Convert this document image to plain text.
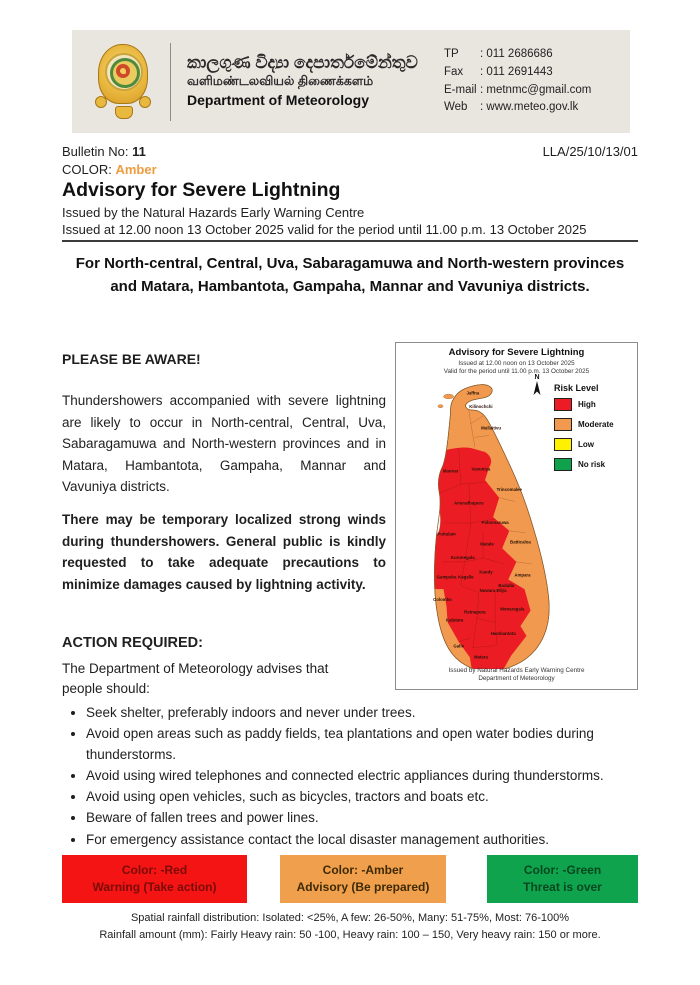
කාලගුණ විද්‍යා දෙපාර්තමේන්තුව
வளிமண்டலவியல் திணைக்களம்
Department of Meteorology
TP	: 011 2686686
Fax	: 011 2691443
E-mail : metnmc@gmail.com
Web	: www.meteo.gov.lk
Bulletin No: 11	LLA/25/10/13/01
COLOR: Amber
Advisory for Severe Lightning
Issued by the Natural Hazards Early Warning Centre
Issued at 12.00 noon 13 October 2025 valid for the period until 11.00 p.m. 13 October 2025
For North-central, Central, Uva, Sabaragamuwa and North-western provinces and Matara, Hambantota, Gampaha, Mannar and Vavuniya districts.
PLEASE BE AWARE!
Thundershowers accompanied with severe lightning are likely to occur in North-central, Central, Uva, Sabaragamuwa and North-western provinces and in Matara, Hambantota, Gampaha, Mannar and Vavuniya districts.
There may be temporary localized strong winds during thundershowers. General public is kindly requested to take adequate precautions to minimize damages caused by lightning activity.
ACTION REQUIRED:
The Department of Meteorology advises that people should:
Advisory for Severe Lightning
Issued at 12.00 noon on 13 October 2025
Valid for the period until 11.00 p.m. 13 October 2025
N
Risk Level
High
Moderate
Low
No risk
Jaffna
Kilinochchi
Mullaitivu
Mannar	Vavuniya
Trincomalee
Anuradhapura
Puttalam
Polonnaruwa
Batticaloa
Kurunegala
Matale
Kandy
Ampara
Kegalle
Gampaha
Nuwara Eliya
Badulla
Colombo
Ratnapura
Monaragala
Kalutara
Galle
Matara
Hambantota
Issued by Natural Hazards Early Warning Centre
Department of Meteorology
• Seek shelter, preferably indoors and never under trees.
• Avoid open areas such as paddy fields, tea plantations and open water bodies during thunderstorms.
• Avoid using wired telephones and connected electric appliances during thunderstorms.
• Avoid using open vehicles, such as bicycles, tractors and boats etc.
• Beware of fallen trees and power lines.
• For emergency assistance contact the local disaster management authorities.
Color: -Red
Warning (Take action)
Color: -Amber
Advisory (Be prepared)
Color: -Green
Threat is over
Spatial rainfall distribution: Isolated: <25%, A few: 26-50%, Many: 51-75%, Most: 76-100%
Rainfall amount (mm): Fairly Heavy rain: 50 -100, Heavy rain: 100 – 150, Very heavy rain: 150 or more.
